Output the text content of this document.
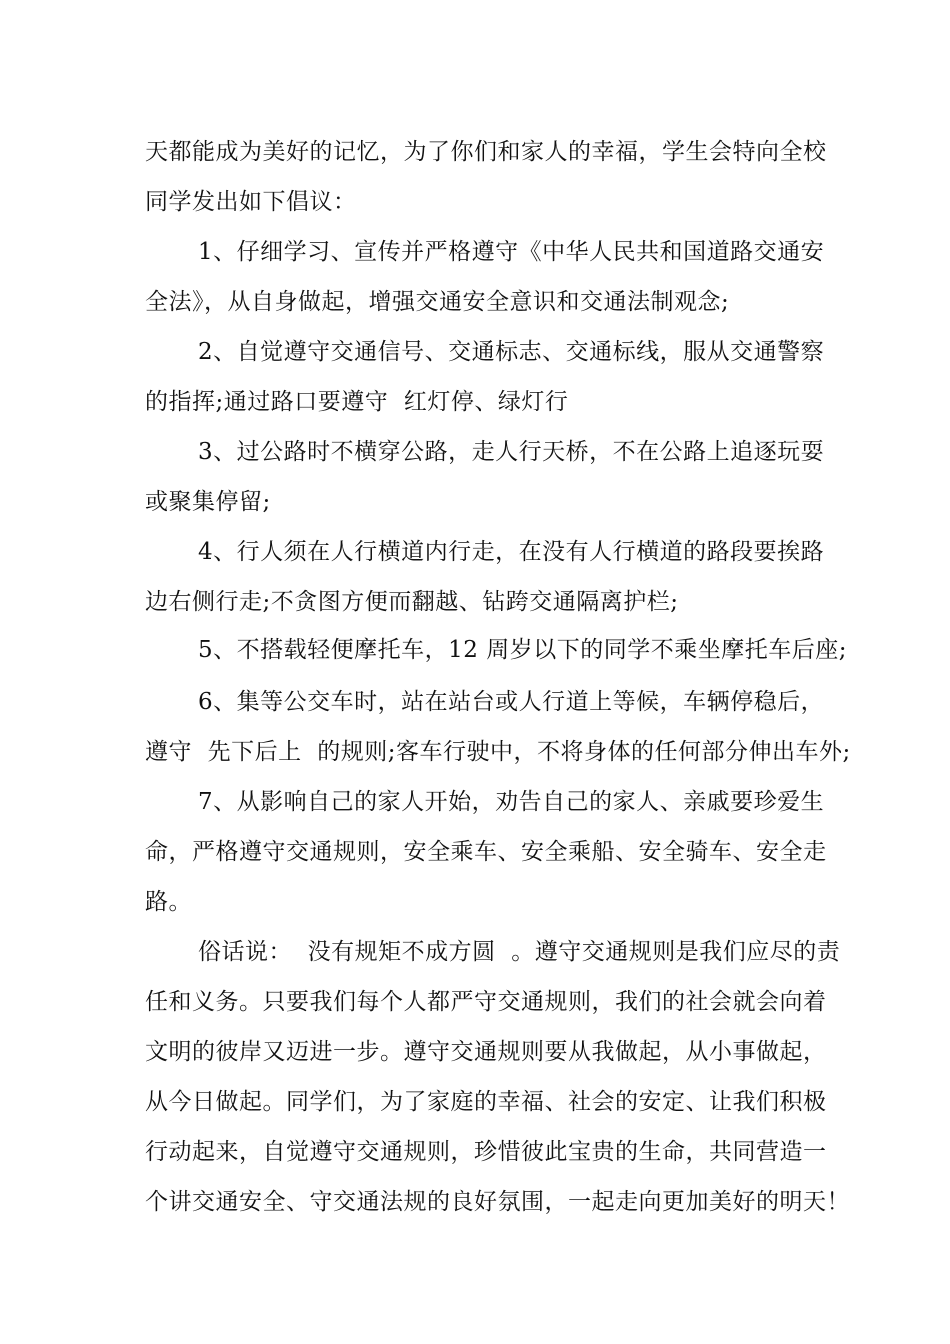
天都能成为美好的记忆，为了你们和家人的幸福，学生会特向全校
同学发出如下倡议：
1、仔细学习、宣传并严格遵守《中华人民共和国道路交通安
全法》，从自身做起，增强交通安全意识和交通法制观念;
2、自觉遵守交通信号、交通标志、交通标线，服从交通警察
的指挥;通过路口要遵守  红灯停、绿灯行
3、过公路时不横穿公路，走人行天桥，不在公路上追逐玩耍
或聚集停留;
4、行人须在人行横道内行走，在没有人行横道的路段要挨路
边右侧行走;不贪图方便而翻越、钻跨交通隔离护栏;
5、不搭载轻便摩托车，12 周岁以下的同学不乘坐摩托车后座;
6、集等公交车时，站在站台或人行道上等候，车辆停稳后，
遵守  先下后上  的规则;客车行驶中，不将身体的任何部分伸出车外;
7、从影响自己的家人开始，劝告自己的家人、亲戚要珍爱生
命，严格遵守交通规则，安全乘车、安全乘船、安全骑车、安全走
路。
俗话说：  没有规矩不成方圆  。遵守交通规则是我们应尽的责
任和义务。只要我们每个人都严守交通规则，我们的社会就会向着
文明的彼岸又迈进一步。遵守交通规则要从我做起，从小事做起，
从今日做起。同学们，为了家庭的幸福、社会的安定、让我们积极
行动起来，自觉遵守交通规则，珍惜彼此宝贵的生命，共同营造一
个讲交通安全、守交通法规的良好氛围，一起走向更加美好的明天！
